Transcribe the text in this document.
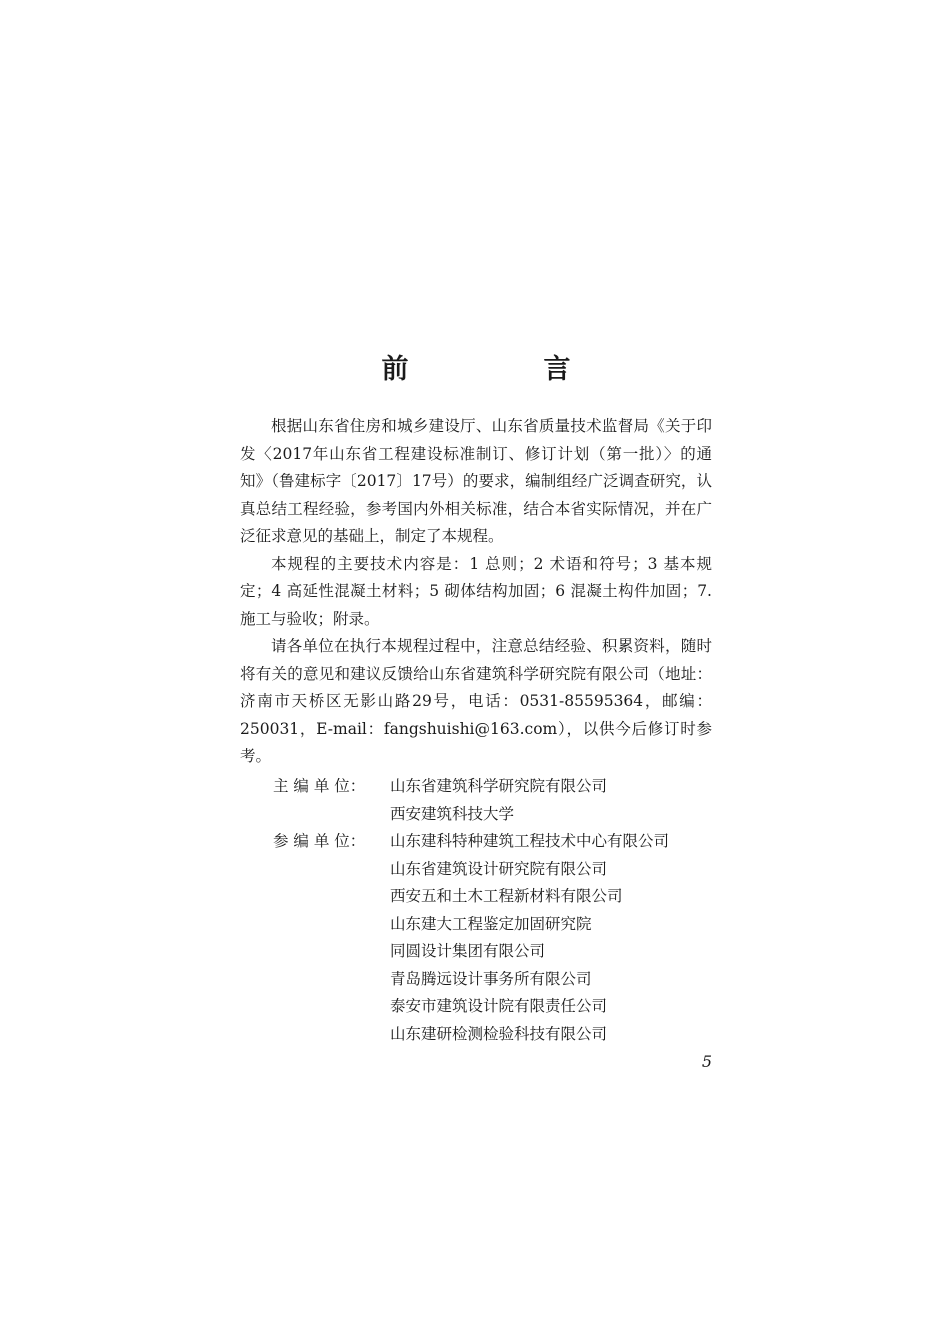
前　言

根据山东省住房和城乡建设厅、山东省质量技术监督局《关于印发〈2017年山东省工程建设标准制订、修订计划（第一批）〉的通知》（鲁建标字〔2017〕17号）的要求，编制组经广泛调查研究，认真总结工程经验，参考国内外相关标准，结合本省实际情况，并在广泛征求意见的基础上，制定了本规程。

本规程的主要技术内容是：1 总则；2 术语和符号；3 基本规定；4 高延性混凝土材料；5 砌体结构加固；6 混凝土构件加固；7. 施工与验收；附录。

请各单位在执行本规程过程中，注意总结经验、积累资料，随时将有关的意见和建议反馈给山东省建筑科学研究院有限公司（地址：济南市天桥区无影山路29号，电话：0531-85595364，邮编：250031，E-mail：fangshuishi@163.com），以供今后修订时参考。

主 编 单 位：	山东省建筑科学研究院有限公司
西安建筑科技大学
参 编 单 位：	山东建科特种建筑工程技术中心有限公司
山东省建筑设计研究院有限公司
西安五和土木工程新材料有限公司
山东建大工程鉴定加固研究院
同圆设计集团有限公司
青岛腾远设计事务所有限公司
泰安市建筑设计院有限责任公司
山东建研检测检验科技有限公司
5
